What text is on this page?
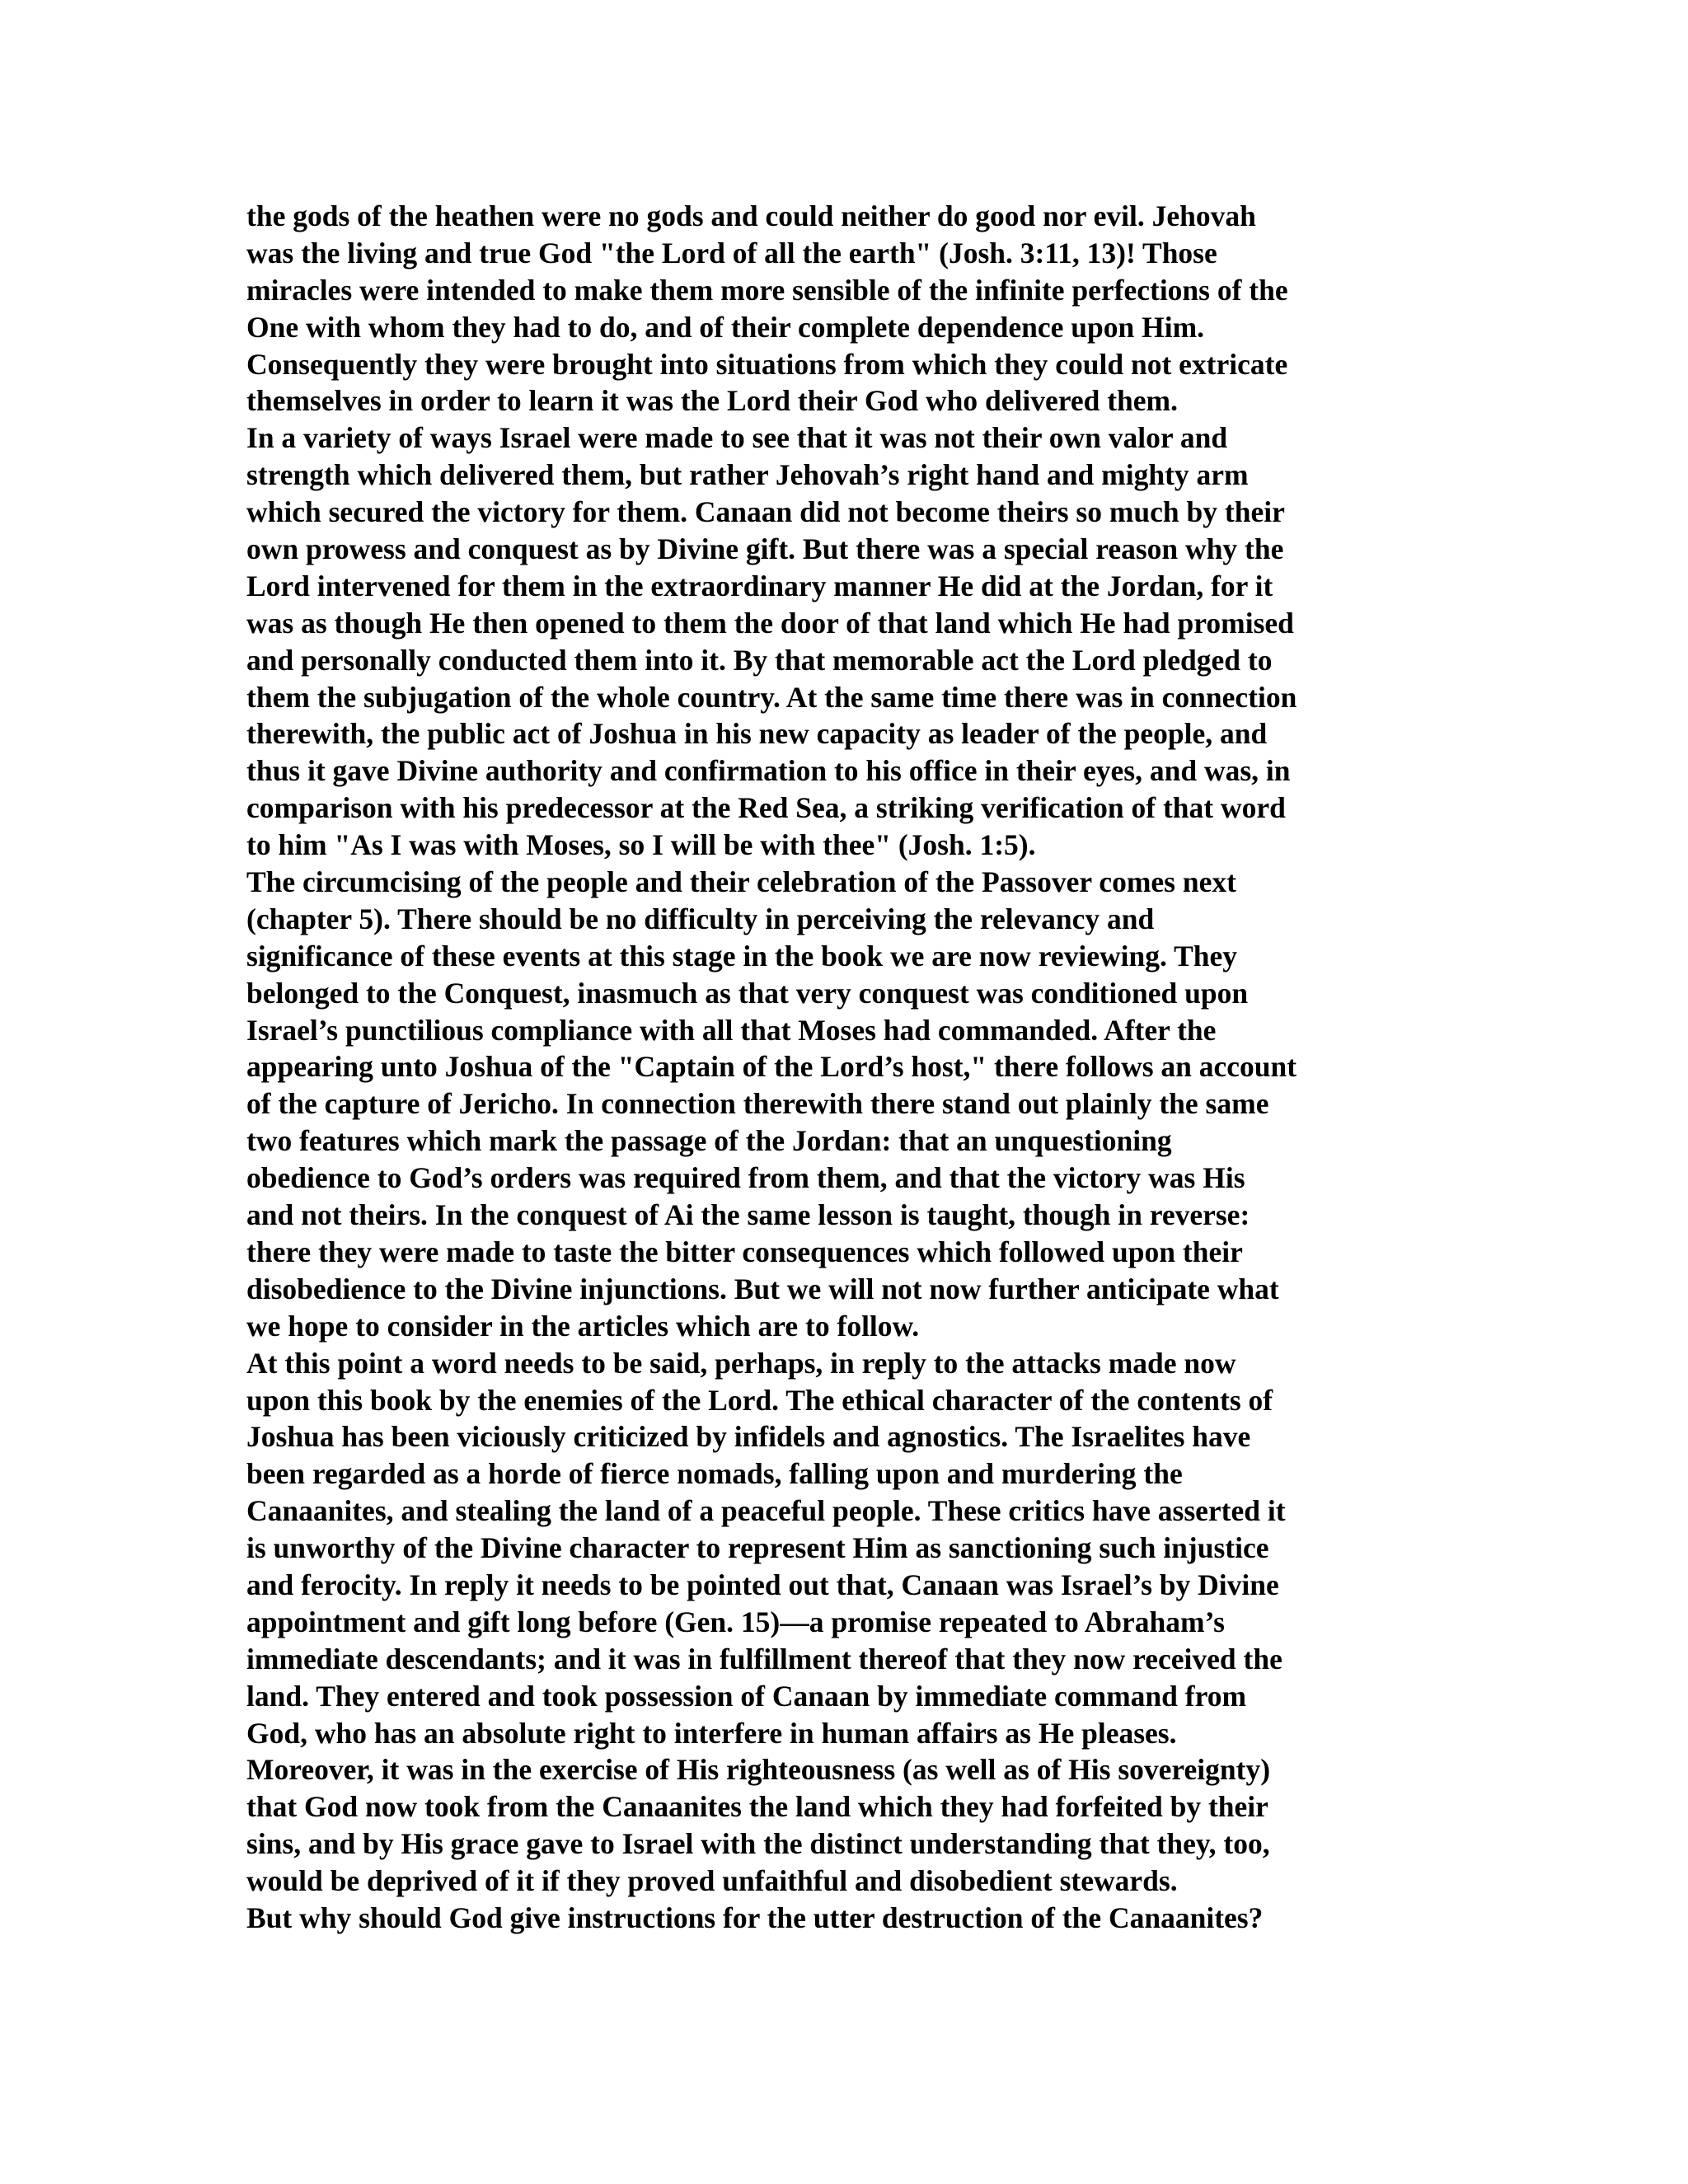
the gods of the heathen were no gods and could neither do good nor evil. Jehovah
was the living and true God "the Lord of all the earth" (Josh. 3:11, 13)! Those
miracles were intended to make them more sensible of the infinite perfections of the
One with whom they had to do, and of their complete dependence upon Him.
Consequently they were brought into situations from which they could not extricate
themselves in order to learn it was the Lord their God who delivered them.
In a variety of ways Israel were made to see that it was not their own valor and
strength which delivered them, but rather Jehovah’s right hand and mighty arm
which secured the victory for them. Canaan did not become theirs so much by their
own prowess and conquest as by Divine gift. But there was a special reason why the
Lord intervened for them in the extraordinary manner He did at the Jordan, for it
was as though He then opened to them the door of that land which He had promised
and personally conducted them into it. By that memorable act the Lord pledged to
them the subjugation of the whole country. At the same time there was in connection
therewith, the public act of Joshua in his new capacity as leader of the people, and
thus it gave Divine authority and confirmation to his office in their eyes, and was, in
comparison with his predecessor at the Red Sea, a striking verification of that word
to him "As I was with Moses, so I will be with thee" (Josh. 1:5).
The circumcising of the people and their celebration of the Passover comes next
(chapter 5). There should be no difficulty in perceiving the relevancy and
significance of these events at this stage in the book we are now reviewing. They
belonged to the Conquest, inasmuch as that very conquest was conditioned upon
Israel’s punctilious compliance with all that Moses had commanded. After the
appearing unto Joshua of the "Captain of the Lord’s host," there follows an account
of the capture of Jericho. In connection therewith there stand out plainly the same
two features which mark the passage of the Jordan: that an unquestioning
obedience to God’s orders was required from them, and that the victory was His
and not theirs. In the conquest of Ai the same lesson is taught, though in reverse:
there they were made to taste the bitter consequences which followed upon their
disobedience to the Divine injunctions. But we will not now further anticipate what
we hope to consider in the articles which are to follow.
At this point a word needs to be said, perhaps, in reply to the attacks made now
upon this book by the enemies of the Lord. The ethical character of the contents of
Joshua has been viciously criticized by infidels and agnostics. The Israelites have
been regarded as a horde of fierce nomads, falling upon and murdering the
Canaanites, and stealing the land of a peaceful people. These critics have asserted it
is unworthy of the Divine character to represent Him as sanctioning such injustice
and ferocity. In reply it needs to be pointed out that, Canaan was Israel’s by Divine
appointment and gift long before (Gen. 15)—a promise repeated to Abraham’s
immediate descendants; and it was in fulfillment thereof that they now received the
land. They entered and took possession of Canaan by immediate command from
God, who has an absolute right to interfere in human affairs as He pleases.
Moreover, it was in the exercise of His righteousness (as well as of His sovereignty)
that God now took from the Canaanites the land which they had forfeited by their
sins, and by His grace gave to Israel with the distinct understanding that they, too,
would be deprived of it if they proved unfaithful and disobedient stewards.
But why should God give instructions for the utter destruction of the Canaanites?
